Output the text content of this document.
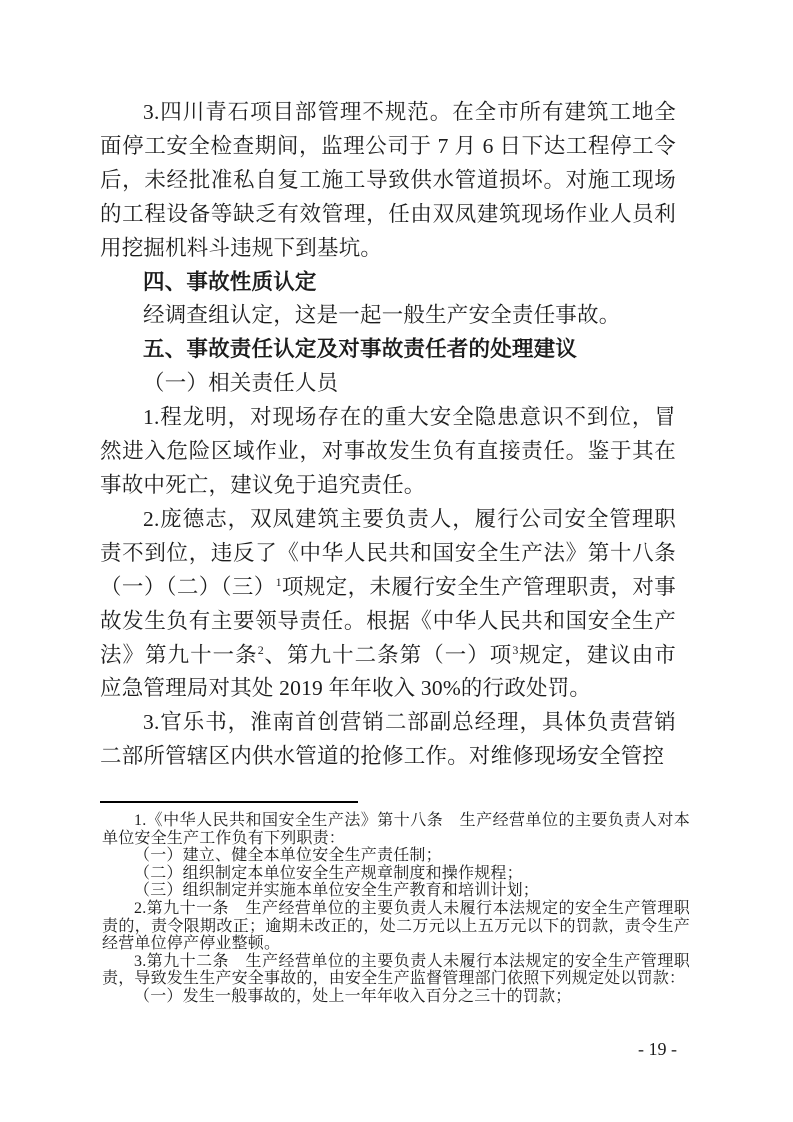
3.四川青石项目部管理不规范。在全市所有建筑工地全面停工安全检查期间，监理公司于 7 月 6 日下达工程停工令后，未经批准私自复工施工导致供水管道损坏。对施工现场的工程设备等缺乏有效管理，任由双凤建筑现场作业人员利用挖掘机料斗违规下到基坑。

四、事故性质认定

经调查组认定，这是一起一般生产安全责任事故。

五、事故责任认定及对事故责任者的处理建议

（一）相关责任人员

1.程龙明，对现场存在的重大安全隐患意识不到位，冒然进入危险区域作业，对事故发生负有直接责任。鉴于其在事故中死亡，建议免于追究责任。

2.庞德志，双凤建筑主要负责人，履行公司安全管理职责不到位，违反了《中华人民共和国安全生产法》第十八条（一）（二）（三）$^1$项规定，未履行安全生产管理职责，对事故发生负有主要领导责任。根据《中华人民共和国安全生产法》第九十一条$^2$、第九十二条第（一）项$^3$规定，建议由市应急管理局对其处 2019 年年收入 30%的行政处罚。

3.官乐书，淮南首创营销二部副总经理，具体负责营销二部所管辖区内供水管道的抢修工作。对维修现场安全管控

1.《中华人民共和国安全生产法》第十八条　生产经营单位的主要负责人对本单位安全生产工作负有下列职责：

（一）建立、健全本单位安全生产责任制；

（二）组织制定本单位安全生产规章制度和操作规程；

（三）组织制定并实施本单位安全生产教育和培训计划；

2.第九十一条　生产经营单位的主要负责人未履行本法规定的安全生产管理职责的，责令限期改正；逾期未改正的，处二万元以上五万元以下的罚款，责令生产经营单位停产停业整顿。

3.第九十二条　生产经营单位的主要负责人未履行本法规定的安全生产管理职责，导致发生生产安全事故的，由安全生产监督管理部门依照下列规定处以罚款：

（一）发生一般事故的，处上一年年收入百分之三十的罚款；

- 19 -
